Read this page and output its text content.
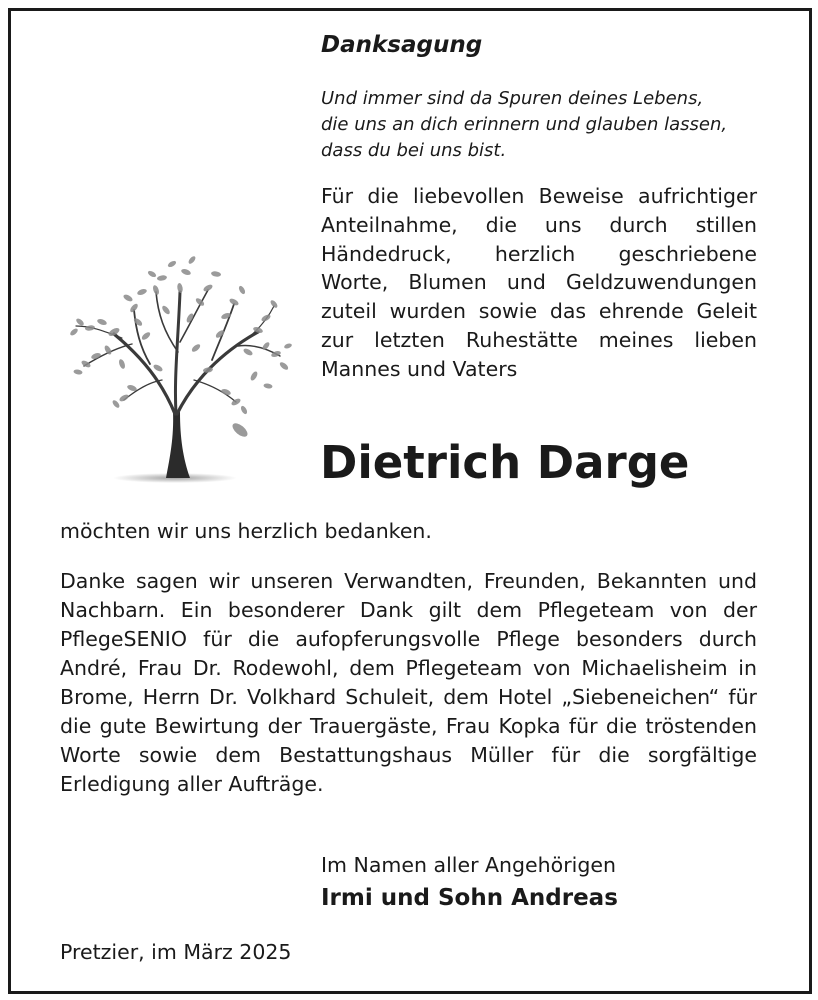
Danksagung

Und immer sind da Spuren deines Lebens,
die uns an dich erinnern und glauben lassen,
dass du bei uns bist.

Für die liebevollen Beweise aufrichtiger Anteilnahme, die uns durch stillen Händedruck, herzlich geschriebene Worte, Blumen und Geldzuwendungen zuteil wurden sowie das ehrende Geleit zur letzten Ruhestätte meines lieben Mannes und Vaters

Dietrich Darge

möchten wir uns herzlich bedanken.

Danke sagen wir unseren Verwandten, Freunden, Bekannten und Nachbarn. Ein besonderer Dank gilt dem Pflegeteam von der PflegeSENIO für die aufopferungsvolle Pflege besonders durch André, Frau Dr. Rodewohl, dem Pflegeteam von Michaelisheim in Brome, Herrn Dr. Volkhard Schuleit, dem Hotel „Siebeneichen“ für die gute Bewirtung der Trauergäste, Frau Kopka für die tröstenden Worte sowie dem Bestattungshaus Müller für die sorgfältige Erledigung aller Aufträge.

Im Namen aller Angehörigen

Irmi und Sohn Andreas

Pretzier, im März 2025
